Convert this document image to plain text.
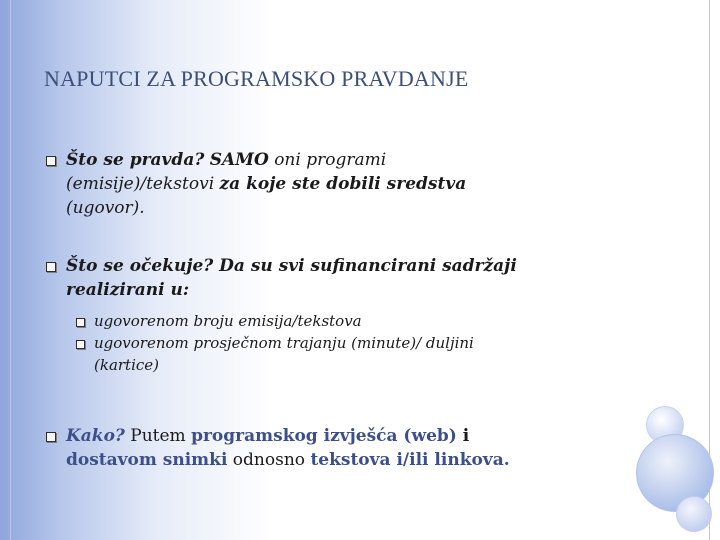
NAPUTCI ZA PROGRAMSKO PRAVDANJE
Što se pravda? SAMO oni programi
(emisije)/tekstovi za koje ste dobili sredstva
(ugovor).
Što se očekuje? Da su svi sufinancirani sadržaji
realizirani u:
ugovorenom broju emisija/tekstova
ugovorenom prosječnom trajanju (minute)/ duljini
(kartice)
Kako? Putem programskog izvješća (web) i
dostavom snimki odnosno tekstova i/ili linkova.
